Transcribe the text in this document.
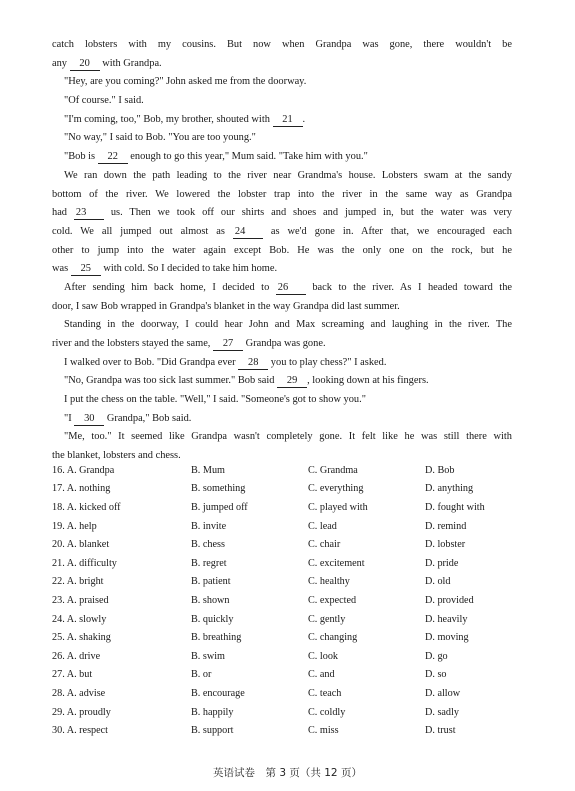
catch lobsters with my cousins. But now when Grandpa was gone, there wouldn't be
any 20 with Grandpa.
"Hey, are you coming?" John asked me from the doorway.
"Of course." I said.
"I'm coming, too," Bob, my brother, shouted with 21 .
"No way," I said to Bob. "You are too young."
"Bob is 22 enough to go this year," Mum said. "Take him with you."
We ran down the path leading to the river near Grandma's house. Lobsters swam at the sandy
bottom of the river. We lowered the lobster trap into the river in the same way as Grandpa
had 23 us. Then we took off our shirts and shoes and jumped in, but the water was very
cold. We all jumped out almost as 24 as we'd gone in. After that, we encouraged each
other to jump into the water again except Bob. He was the only one on the rock, but he
was 25 with cold. So I decided to take him home.
After sending him back home, I decided to 26 back to the river. As I headed toward the
door, I saw Bob wrapped in Grandpa's blanket in the way Grandpa did last summer.
Standing in the doorway, I could hear John and Max screaming and laughing in the river. The
river and the lobsters stayed the same, 27 Grandpa was gone.
I walked over to Bob. "Did Grandpa ever 28 you to play chess?" I asked.
"No, Grandpa was too sick last summer." Bob said 29 , looking down at his fingers.
I put the chess on the table. "Well," I said. "Someone's got to show you."
"I 30 Grandpa," Bob said.
"Me, too." It seemed like Grandpa wasn't completely gone. It felt like he was still there with
the blanket, lobsters and chess.
16. A. Grandpa	B. Mum	C. Grandma	D. Bob
17. A. nothing	B. something	C. everything	D. anything
18. A. kicked off	B. jumped off	C. played with	D. fought with
19. A. help	B. invite	C. lead	D. remind
20. A. blanket	B. chess	C. chair	D. lobster
21. A. difficulty	B. regret	C. excitement	D. pride
22. A. bright	B. patient	C. healthy	D. old
23. A. praised	B. shown	C. expected	D. provided
24. A. slowly	B. quickly	C. gently	D. heavily
25. A. shaking	B. breathing	C. changing	D. moving
26. A. drive	B. swim	C. look	D. go
27. A. but	B. or	C. and	D. so
28. A. advise	B. encourage	C. teach	D. allow
29. A. proudly	B. happily	C. coldly	D. sadly
30. A. respect	B. support	C. miss	D. trust
英语试卷　第 3 页（共 12 页）
